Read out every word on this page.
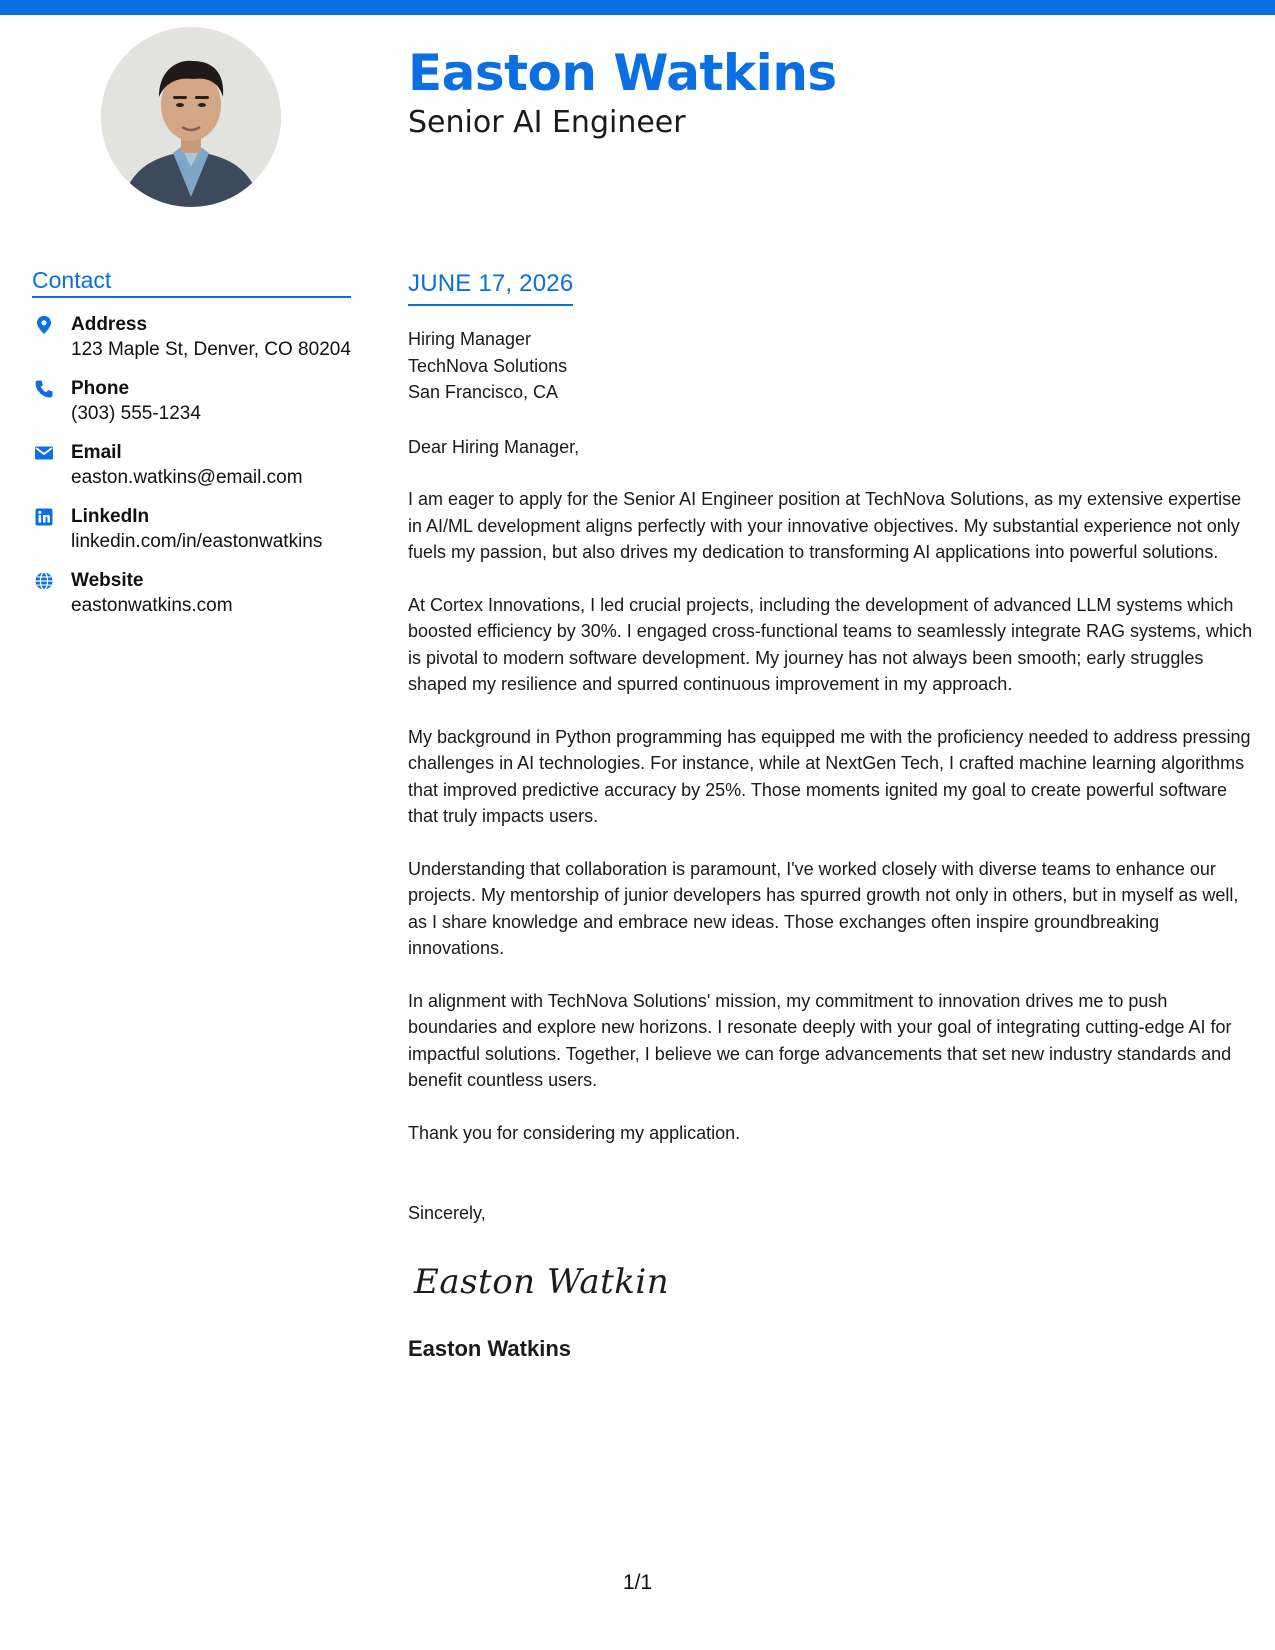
Easton Watkins
Senior AI Engineer
Contact
Address
123 Maple St, Denver, CO 80204
Phone
(303) 555-1234
Email
easton.watkins@email.com
LinkedIn
linkedin.com/in/eastonwatkins
Website
eastonwatkins.com
JUNE 17, 2026
Hiring Manager
TechNova Solutions
San Francisco, CA
Dear Hiring Manager,

I am eager to apply for the Senior AI Engineer position at TechNova Solutions, as my extensive expertise in AI/ML development aligns perfectly with your innovative objectives. My substantial experience not only fuels my passion, but also drives my dedication to transforming AI applications into powerful solutions.

At Cortex Innovations, I led crucial projects, including the development of advanced LLM systems which boosted efficiency by 30%. I engaged cross-functional teams to seamlessly integrate RAG systems, which is pivotal to modern software development. My journey has not always been smooth; early struggles shaped my resilience and spurred continuous improvement in my approach.

My background in Python programming has equipped me with the proficiency needed to address pressing challenges in AI technologies. For instance, while at NextGen Tech, I crafted machine learning algorithms that improved predictive accuracy by 25%. Those moments ignited my goal to create powerful software that truly impacts users.

Understanding that collaboration is paramount, I've worked closely with diverse teams to enhance our projects. My mentorship of junior developers has spurred growth not only in others, but in myself as well, as I share knowledge and embrace new ideas. Those exchanges often inspire groundbreaking innovations.

In alignment with TechNova Solutions' mission, my commitment to innovation drives me to push boundaries and explore new horizons. I resonate deeply with your goal of integrating cutting-edge AI for impactful solutions. Together, I believe we can forge advancements that set new industry standards and benefit countless users.

Thank you for considering my application.
Sincerely,
Easton Watkins
Easton Watkins
1/1
